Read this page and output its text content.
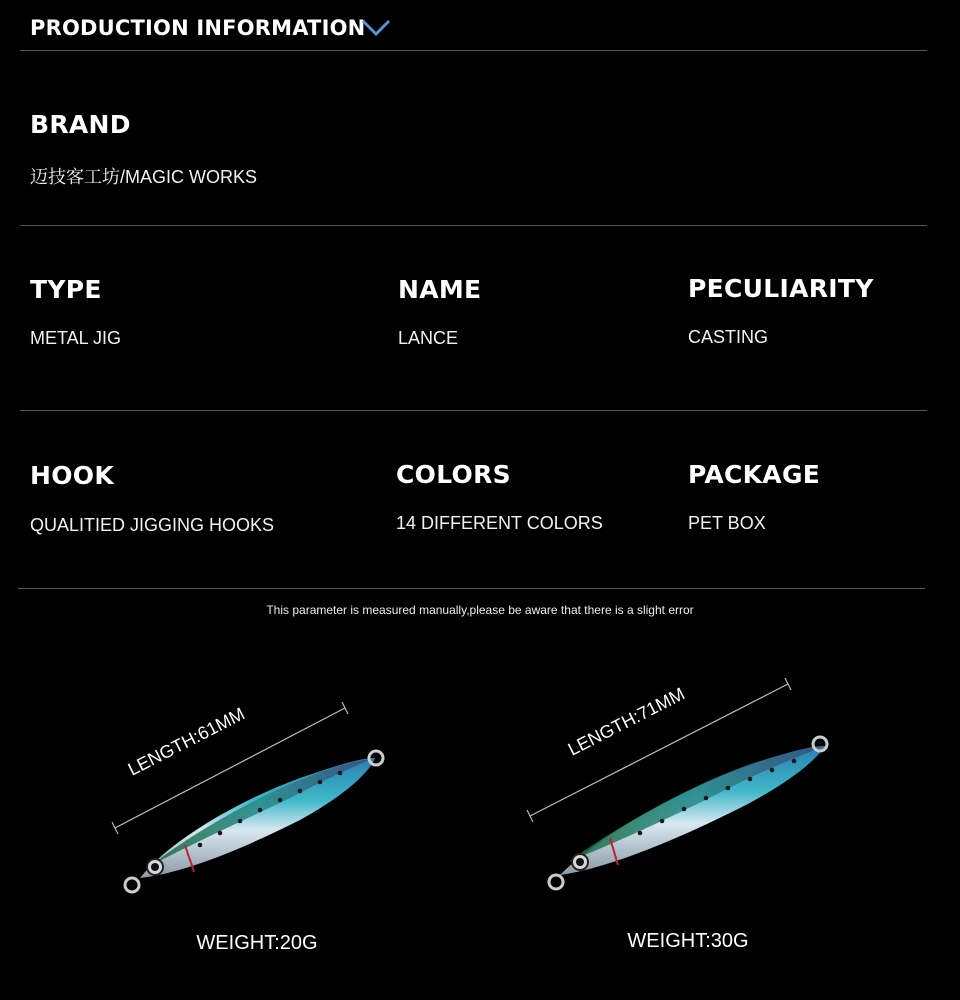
PRODUCTION INFORMATION
BRAND
迈技客工坊/MAGIC WORKS
TYPE
METAL JIG
NAME
LANCE
PECULIARITY
CASTING
HOOK
QUALITIED JIGGING HOOKS
COLORS
14 DIFFERENT COLORS
PACKAGE
PET BOX
This parameter is measured manually,please be aware that there is a slight error
LENGTH:61MM
WEIGHT:20G
LENGTH:71MM
WEIGHT:30G
